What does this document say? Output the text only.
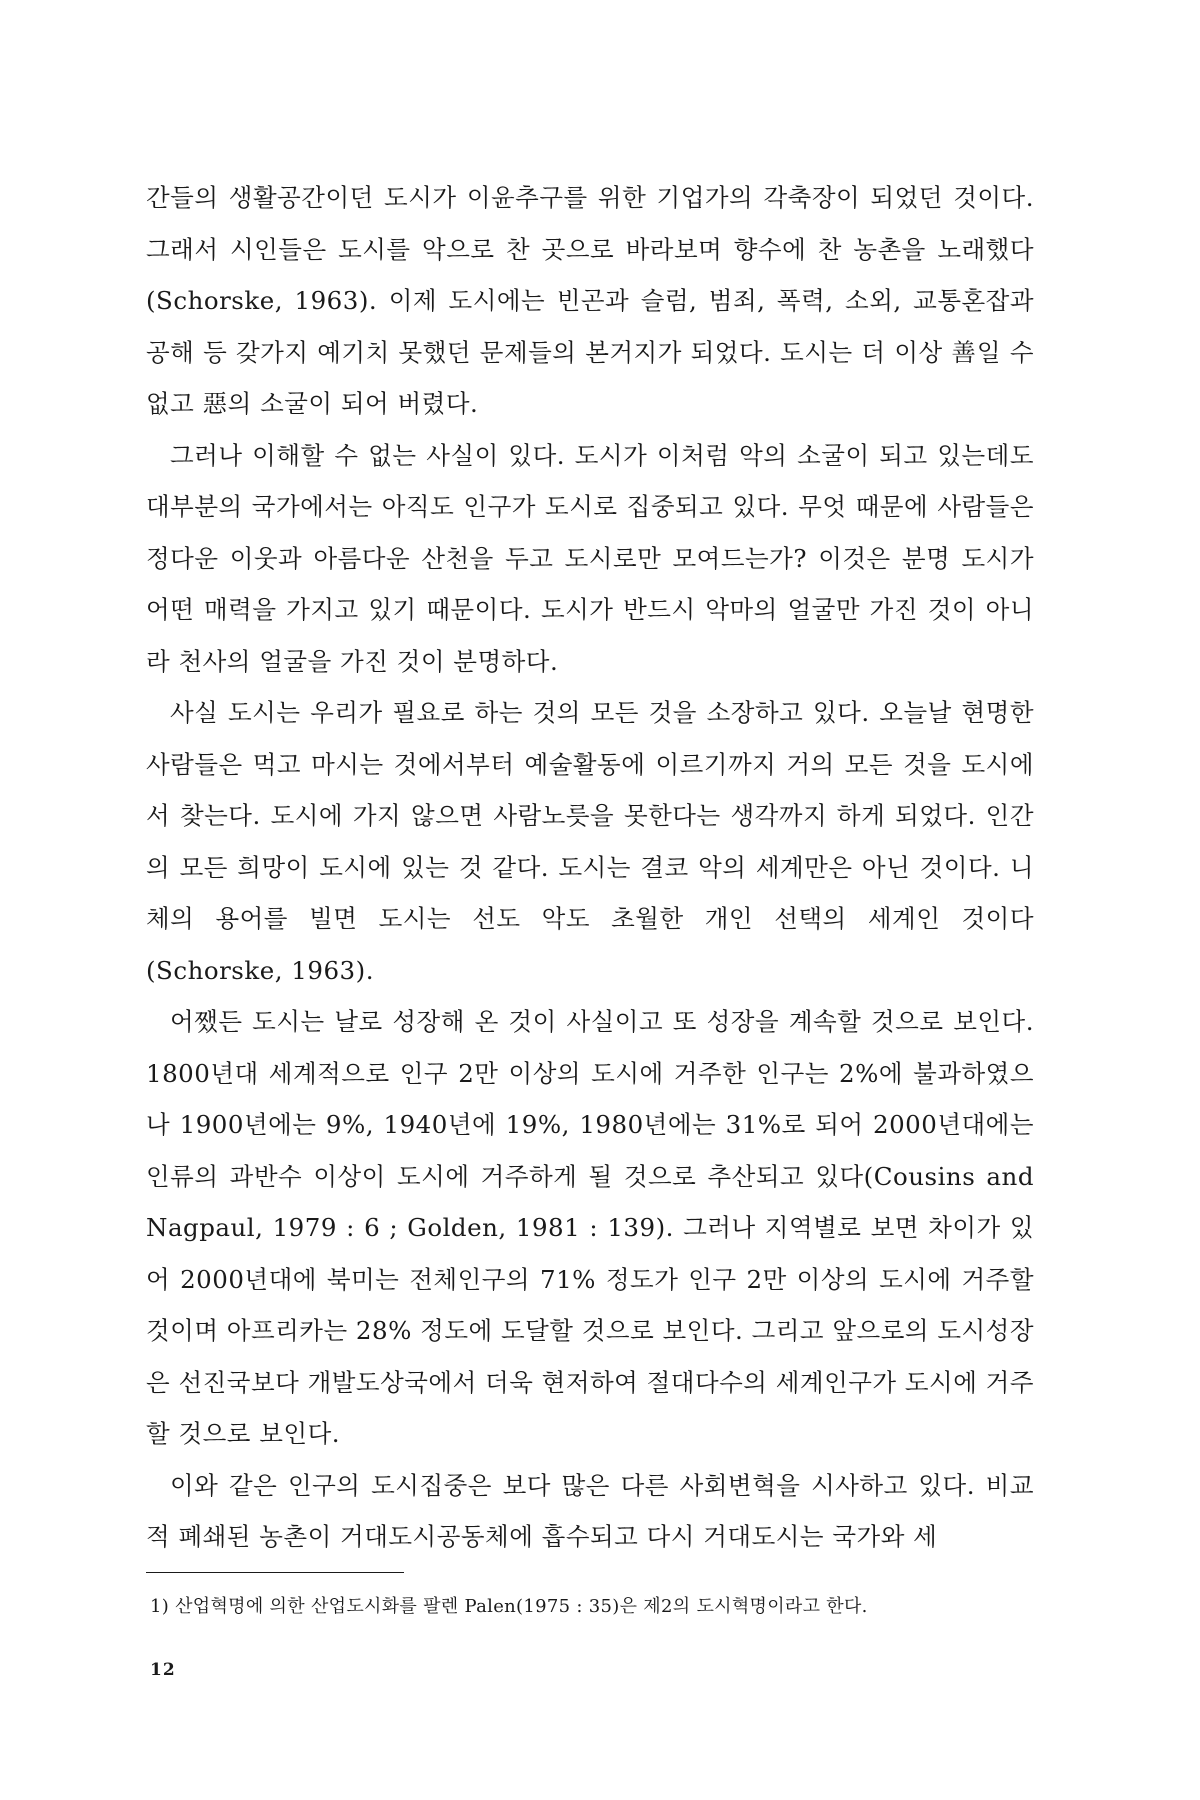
간들의 생활공간이던 도시가 이윤추구를 위한 기업가의 각축장이 되었던 것이다. 그래서 시인들은 도시를 악으로 찬 곳으로 바라보며 향수에 찬 농촌을 노래했다(Schorske, 1963). 이제 도시에는 빈곤과 슬럼, 범죄, 폭력, 소외, 교통혼잡과 공해 등 갖가지 예기치 못했던 문제들의 본거지가 되었다. 도시는 더 이상 善일 수 없고 惡의 소굴이 되어 버렸다.

그러나 이해할 수 없는 사실이 있다. 도시가 이처럼 악의 소굴이 되고 있는데도 대부분의 국가에서는 아직도 인구가 도시로 집중되고 있다. 무엇 때문에 사람들은 정다운 이웃과 아름다운 산천을 두고 도시로만 모여드는가? 이것은 분명 도시가 어떤 매력을 가지고 있기 때문이다. 도시가 반드시 악마의 얼굴만 가진 것이 아니라 천사의 얼굴을 가진 것이 분명하다.

사실 도시는 우리가 필요로 하는 것의 모든 것을 소장하고 있다. 오늘날 현명한 사람들은 먹고 마시는 것에서부터 예술활동에 이르기까지 거의 모든 것을 도시에서 찾는다. 도시에 가지 않으면 사람노릇을 못한다는 생각까지 하게 되었다. 인간의 모든 희망이 도시에 있는 것 같다. 도시는 결코 악의 세계만은 아닌 것이다. 니체의 용어를 빌면 도시는 선도 악도 초월한 개인 선택의 세계인 것이다(Schorske, 1963).

어쨌든 도시는 날로 성장해 온 것이 사실이고 또 성장을 계속할 것으로 보인다. 1800년대 세계적으로 인구 2만 이상의 도시에 거주한 인구는 2%에 불과하였으나 1900년에는 9%, 1940년에 19%, 1980년에는 31%로 되어 2000년대에는 인류의 과반수 이상이 도시에 거주하게 될 것으로 추산되고 있다(Cousins and Nagpaul, 1979 : 6 ; Golden, 1981 : 139). 그러나 지역별로 보면 차이가 있어 2000년대에 북미는 전체인구의 71% 정도가 인구 2만 이상의 도시에 거주할 것이며 아프리카는 28% 정도에 도달할 것으로 보인다. 그리고 앞으로의 도시성장은 선진국보다 개발도상국에서 더욱 현저하여 절대다수의 세계인구가 도시에 거주할 것으로 보인다.

이와 같은 인구의 도시집중은 보다 많은 다른 사회변혁을 시사하고 있다. 비교적 폐쇄된 농촌이 거대도시공동체에 흡수되고 다시 거대도시는 국가와 세

1) 산업혁명에 의한 산업도시화를 팔렌 Palen(1975 : 35)은 제2의 도시혁명이라고 한다.
12
